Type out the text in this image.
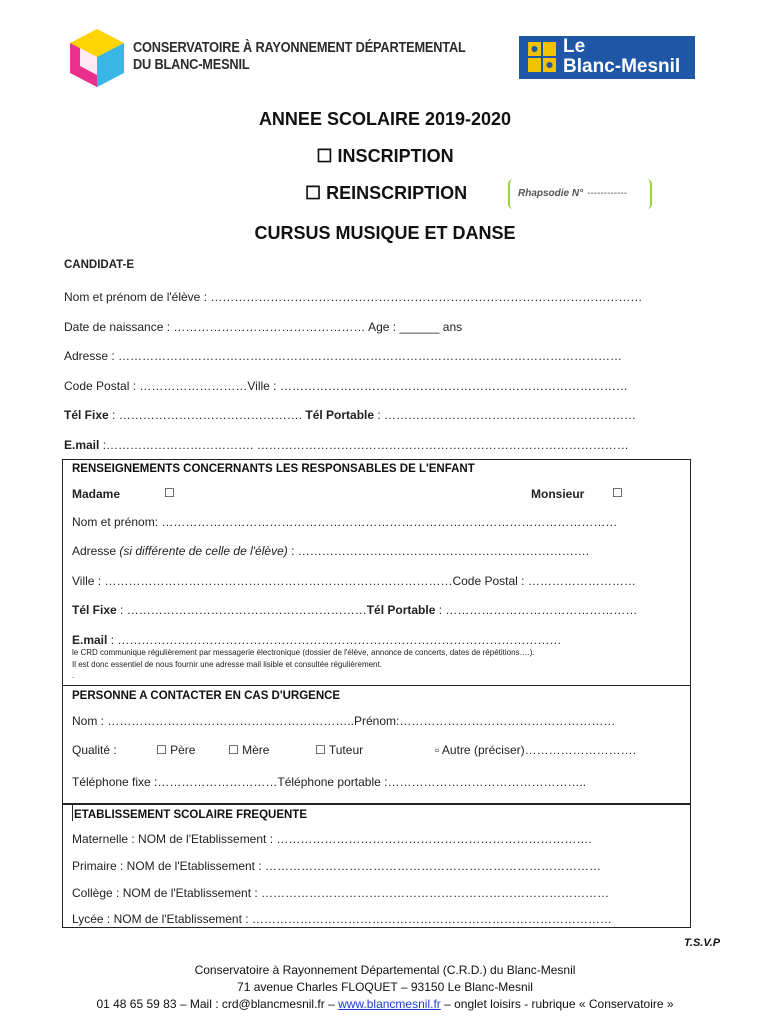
CONSERVATOIRE À RAYONNEMENT DÉPARTEMENTAL
DU BLANC-MESNIL
Le
Blanc-Mesnil
ANNEE SCOLAIRE 2019-2020
☐ INSCRIPTION
☐ REINSCRIPTION	Rhapsodie N° ------------
CURSUS MUSIQUE ET DANSE
CANDIDAT-E
Nom et prénom de l'élève : ………………………………………………………………………………………………
Date de naissance : ………………………………………… Age : ______ ans
Adresse : ………………………………………………………………………………………………………………
Code Postal : ………………………Ville : ……………………………………………………………………………
Tél Fixe : ………………………………………. Tél Portable : ………………………………………………………
E.mail :………………………………. …………………………………………………………………………………
RENSEIGNEMENTS CONCERNANTS LES RESPONSABLES DE L'ENFANT
Madame	☐	Monsieur ☐
Nom et prénom: ……………………………………………………………………………………………………
Adresse (si différente de celle de l'élève) : ……………………………………………………………….
Ville : ……………………………………………………………………………Code Postal : ………………………
Tél Fixe : ……………………………………………………Tél Portable : …………………………………………
E.mail : …………………………………………………………………………………………………
le CRD communique régulièrement par messagerie électronique (dossier de l'élève, annonce de concerts, dates de répétitions….).
Il est donc essentiel de nous fournir une adresse mail lisible et consultée régulièrement.
.
PERSONNE A CONTACTER EN CAS D'URGENCE
Nom : ……………………………………………………..Prénom:………………………………………………
Qualité :	☐ Père	☐ Mère	☐ Tuteur	▫ Autre (préciser)……………………….
Téléphone fixe :…………………………Téléphone portable :…………………………………………..
ETABLISSEMENT SCOLAIRE FREQUENTE
Maternelle : NOM de l'Etablissement : …………………………………………………………………….
Primaire : NOM de l'Etablissement : …………………………………………………………………………
Collège : NOM de l'Etablissement : ……………………………………………………………………………
Lycée : NOM de l'Etablissement : ………………………………………………………………………………
T.S.V.P
Conservatoire à Rayonnement Départemental (C.R.D.) du Blanc-Mesnil
71 avenue Charles FLOQUET – 93150 Le Blanc-Mesnil
01 48 65 59 83 – Mail : crd@blancmesnil.fr – www.blancmesnil.fr – onglet loisirs - rubrique « Conservatoire »
